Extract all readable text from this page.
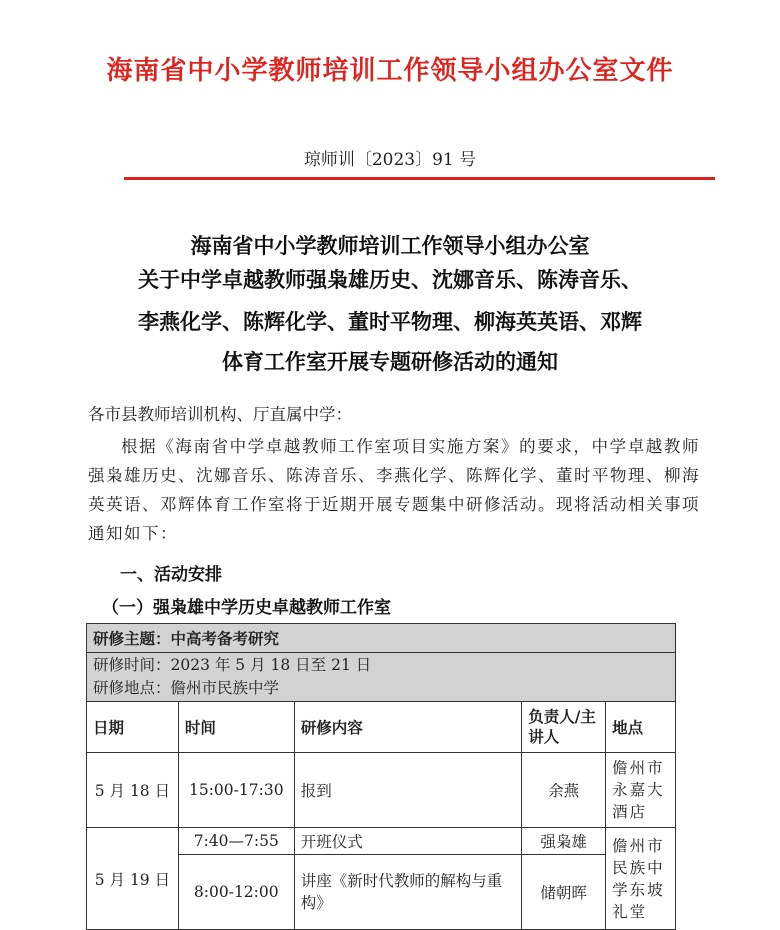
海南省中小学教师培训工作领导小组办公室文件
琼师训〔2023〕91 号
海南省中小学教师培训工作领导小组办公室
关于中学卓越教师强枭雄历史、沈娜音乐、陈涛音乐、
李燕化学、陈辉化学、董时平物理、柳海英英语、邓辉
体育工作室开展专题研修活动的通知
各市县教师培训机构、厅直属中学：
根据《海南省中学卓越教师工作室项目实施方案》的要求，中学卓越教师强枭雄历史、沈娜音乐、陈涛音乐、李燕化学、陈辉化学、董时平物理、柳海英英语、邓辉体育工作室将于近期开展专题集中研修活动。现将活动相关事项通知如下：
一、活动安排
（一）强枭雄中学历史卓越教师工作室
研修主题：中高考备考研究				

研修时间：2023 年 5 月 18 日至 21 日
研修地点：儋州市民族中学				

日期	时间	研修内容	负责人/主讲人	地点
5 月 18 日	15:00-17:30	报到	余燕	儋州市永嘉大酒店
5 月 19 日	7:40—7:55	开班仪式	强枭雄	儋州市民族中学东坡礼堂
	8:00-12:00	讲座《新时代教师的解构与重构》	储朝晖	
